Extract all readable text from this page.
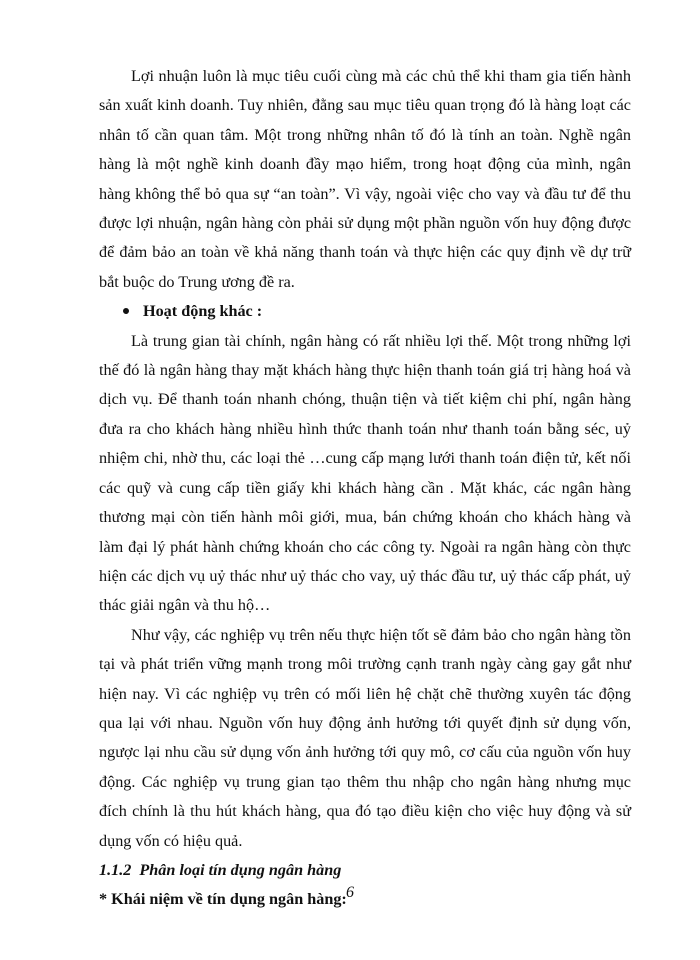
Lợi nhuận luôn là mục tiêu cuối cùng mà các chủ thể khi tham gia tiến hành sản xuất kinh doanh. Tuy nhiên, đằng sau mục tiêu quan trọng đó là hàng loạt các nhân tố cần quan tâm. Một trong những nhân tố đó là tính an toàn. Nghề ngân hàng là một nghề kinh doanh đầy mạo hiểm, trong hoạt động của mình, ngân hàng không thể bỏ qua sự “an toàn”. Vì vậy, ngoài việc cho vay và đầu tư để thu được lợi nhuận, ngân hàng còn phải sử dụng một phần nguồn vốn huy động được để đảm bảo an toàn về khả năng thanh toán và thực hiện các quy định về dự trữ bắt buộc do Trung ương đề ra.

Hoạt động khác :

Là trung gian tài chính, ngân hàng có rất nhiều lợi thế. Một trong những lợi thế đó là ngân hàng thay mặt khách hàng thực hiện thanh toán giá trị hàng hoá và dịch vụ. Để thanh toán nhanh chóng, thuận tiện và tiết kiệm chi phí, ngân hàng đưa ra cho khách hàng nhiều hình thức thanh toán như thanh toán bằng séc, uỷ nhiệm chi, nhờ thu, các loại thẻ …cung cấp mạng lưới thanh toán điện tử, kết nối các quỹ và cung cấp tiền giấy khi khách hàng cần . Mặt khác, các ngân hàng thương mại còn tiến hành môi giới, mua, bán chứng khoán cho khách hàng và làm đại lý phát hành chứng khoán cho các công ty. Ngoài ra ngân hàng còn thực hiện các dịch vụ uỷ thác như uỷ thác cho vay, uỷ thác đầu tư, uỷ thác cấp phát, uỷ thác giải ngân và thu hộ…

Như vậy, các nghiệp vụ trên nếu thực hiện tốt sẽ đảm bảo cho ngân hàng tồn tại và phát triển vững mạnh trong môi trường cạnh tranh ngày càng gay gắt như hiện nay. Vì các nghiệp vụ trên có mối liên hệ chặt chẽ thường xuyên tác động qua lại với nhau. Nguồn vốn huy động ảnh hưởng tới quyết định sử dụng vốn, ngược lại nhu cầu sử dụng vốn ảnh hưởng tới quy mô, cơ cấu của nguồn vốn huy động. Các nghiệp vụ trung gian tạo thêm thu nhập cho ngân hàng nhưng mục đích chính là thu hút khách hàng, qua đó tạo điều kiện cho việc huy động và sử dụng vốn có hiệu quả.

1.1.2 Phân loại tín dụng ngân hàng

* Khái niệm về tín dụng ngân hàng: 6
